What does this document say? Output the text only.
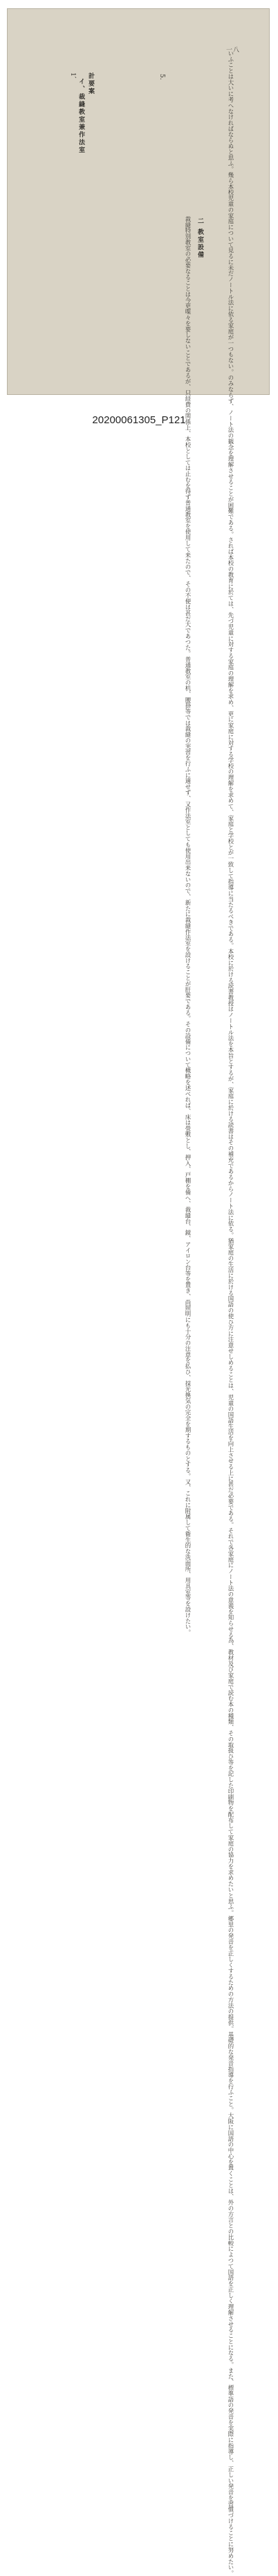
一八
いふことは大いに考へなければならぬと思ふ。幾ら本校児童の家庭について見るに未だノートル法に依る家庭が一つもない。のみならず、ノート法の観念を理解させることが困難である。されば本校の教育に於ては、先づ児童に対する家庭の理解を求め、更に家庭に対する学校の理解を求めて、家庭と学校とが一致して指導に当たるべきである。本校に於ける読書教授はノートル法を本旨とするが、家庭に於ける読書はその補充であるからノート法に依る。猶家庭の生活に於ける国語の使ひ方に注意せしめることは、児童の国語生活を向上させる上に甚だ必要である。それで各家庭にノート法の意義を知らせる為、教材及び家庭で読む本の種類、その取扱ひ等を記した印刷物を配布して家庭の協力を求めたいと思ふ。郷里の発音を正しくするための方法の提供。基礎的な発音指導を行ふこと。大阪に国語の中心を置くことは、外の方言との比較によつて国語を正しく理解させることになる。また、標準語の発音を実際に指導し、正しい発音を習慣づけることに努めたい。
5.
二 教室設備
裁縫特別教室の必要なることは今更喋々を要しないことであるが、只経費の関係上、本校としては止むを得ず普通教室を使用して来たので、その不便は甚だ大であつた。普通教室の机、腰掛等では裁縫の実習を行ふに適せず、又作法室としても使用出来ないので、新たに裁縫作法室を設けることが肝要である。その設備について概略を述べれば、床は畳敷とし、押入、戸棚を備へ、裁縫台、鏡、アイロン台等を置き、尚照明にも十分の注意を払ひ、採光換気の完全を期するものとする。又、これに附属して衛生的な洗面所、用具室等を設けたい。
1、 計要案
イ、裁縫教室兼作法室
20200061305_P121
